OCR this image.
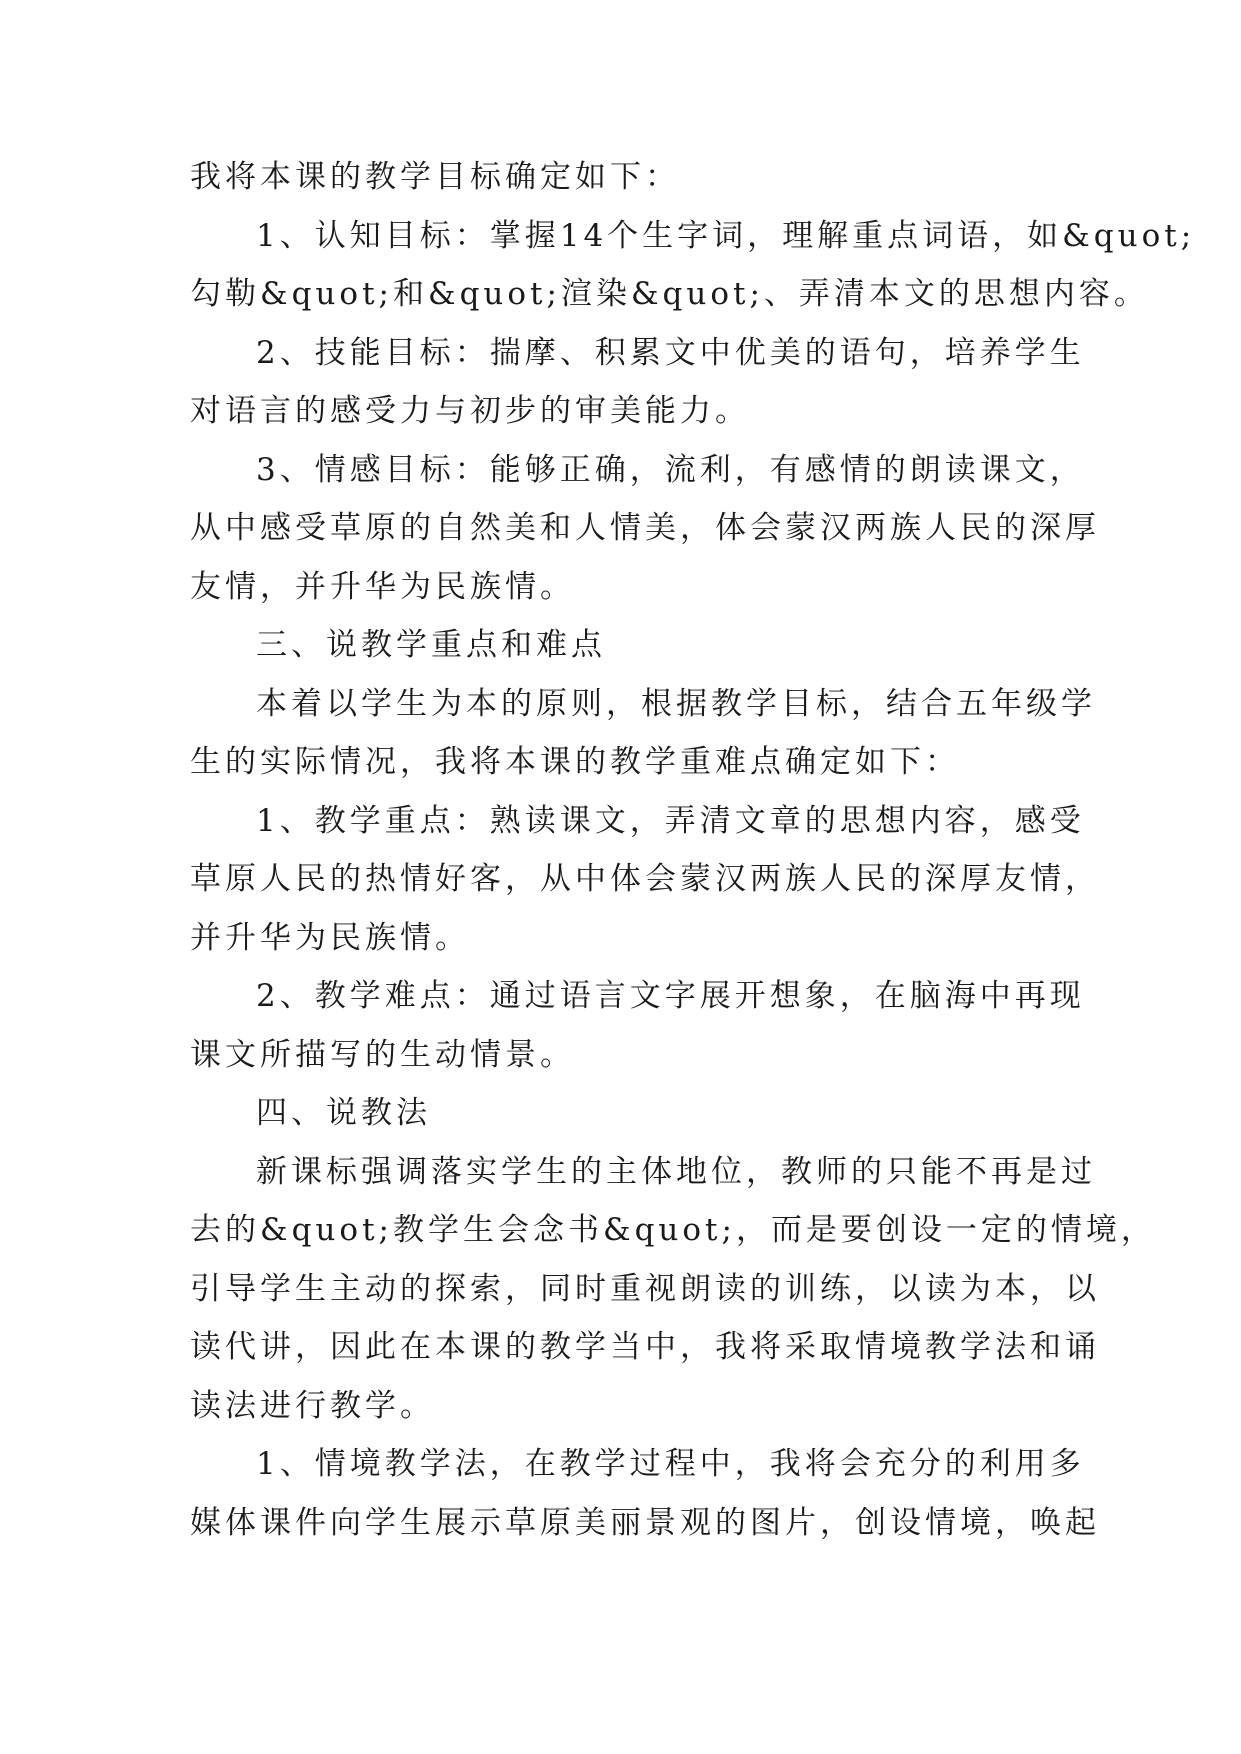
我将本课的教学目标确定如下：
1、认知目标：掌握14个生字词，理解重点词语，如&quot;
勾勒&quot;和&quot;渲染&quot;、弄清本文的思想内容。
2、技能目标：揣摩、积累文中优美的语句，培养学生
对语言的感受力与初步的审美能力。
3、情感目标：能够正确，流利，有感情的朗读课文，
从中感受草原的自然美和人情美，体会蒙汉两族人民的深厚
友情，并升华为民族情。
三、说教学重点和难点
本着以学生为本的原则，根据教学目标，结合五年级学
生的实际情况，我将本课的教学重难点确定如下：
1、教学重点：熟读课文，弄清文章的思想内容，感受
草原人民的热情好客，从中体会蒙汉两族人民的深厚友情，
并升华为民族情。
2、教学难点：通过语言文字展开想象，在脑海中再现
课文所描写的生动情景。
四、说教法
新课标强调落实学生的主体地位，教师的只能不再是过
去的&quot;教学生会念书&quot;，而是要创设一定的情境，
引导学生主动的探索，同时重视朗读的训练，以读为本，以
读代讲，因此在本课的教学当中，我将采取情境教学法和诵
读法进行教学。
1、情境教学法，在教学过程中，我将会充分的利用多
媒体课件向学生展示草原美丽景观的图片，创设情境，唤起
